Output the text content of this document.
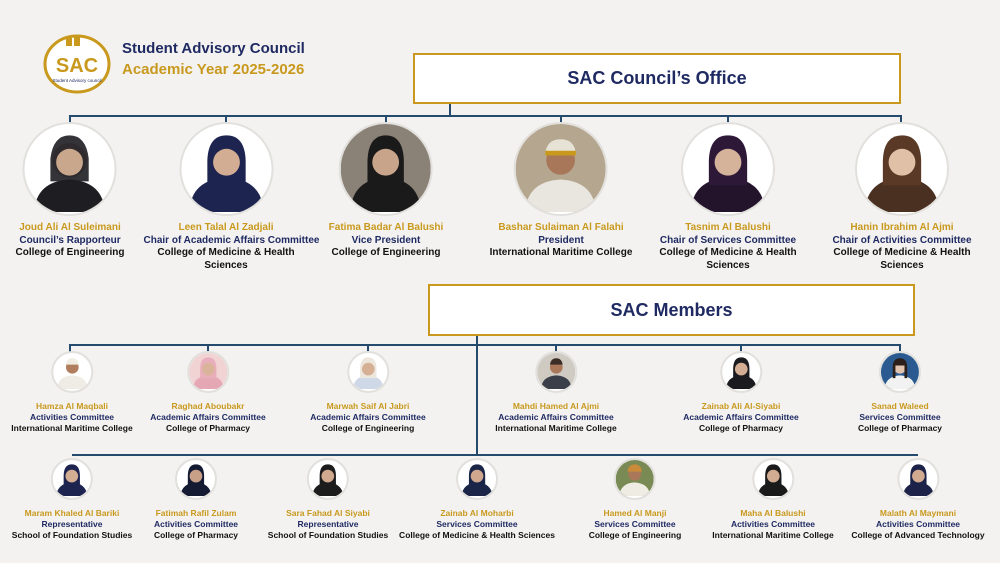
SAC
Student Advisory council
Student Advisory Council
Academic Year 2025-2026	SAC Council’s Office
Joud Ali Al Suleimani
Council’s Rapporteur
College of Engineering
Leen Talal Al Zadjali
Chair of Academic Affairs Committee
College of Medicine & Health Sciences
Fatima Badar Al Balushi
Vice President
College of Engineering
Bashar Sulaiman Al Falahi
President
International Maritime College
Tasnim Al Balushi
Chair of Services Committee
College of Medicine & Health Sciences
Hanin Ibrahim Al Ajmi
Chair of Activities Committee
College of Medicine & Health Sciences
SAC Members
Hamza Al Maqbali
Activities Committee
International Maritime College
Raghad Aboubakr
Academic Affairs Committee
College of Pharmacy
Marwah Saif Al Jabri
Academic Affairs Committee
College of Engineering
Mahdi Hamed Al Ajmi
Academic Affairs Committee
International Maritime College
Zainab Ali Al-Siyabi
Academic Affairs Committee
College of Pharmacy
Sanad Waleed
Services Committee
College of Pharmacy
Maram Khaled Al Bariki
Representative
School of Foundation Studies
Fatimah Rafil Zulam
Activities Committee
College of Pharmacy
Sara Fahad Al Siyabi
Representative
School of Foundation Studies
Zainab Al Moharbi
Services Committee
College of Medicine & Health Sciences
Hamed Al Manji
Services Committee
College of Engineering
Maha Al Balushi
Activities Committee
International Maritime College
Malath Al Maymani
Activities Committee
College of Advanced Technology
